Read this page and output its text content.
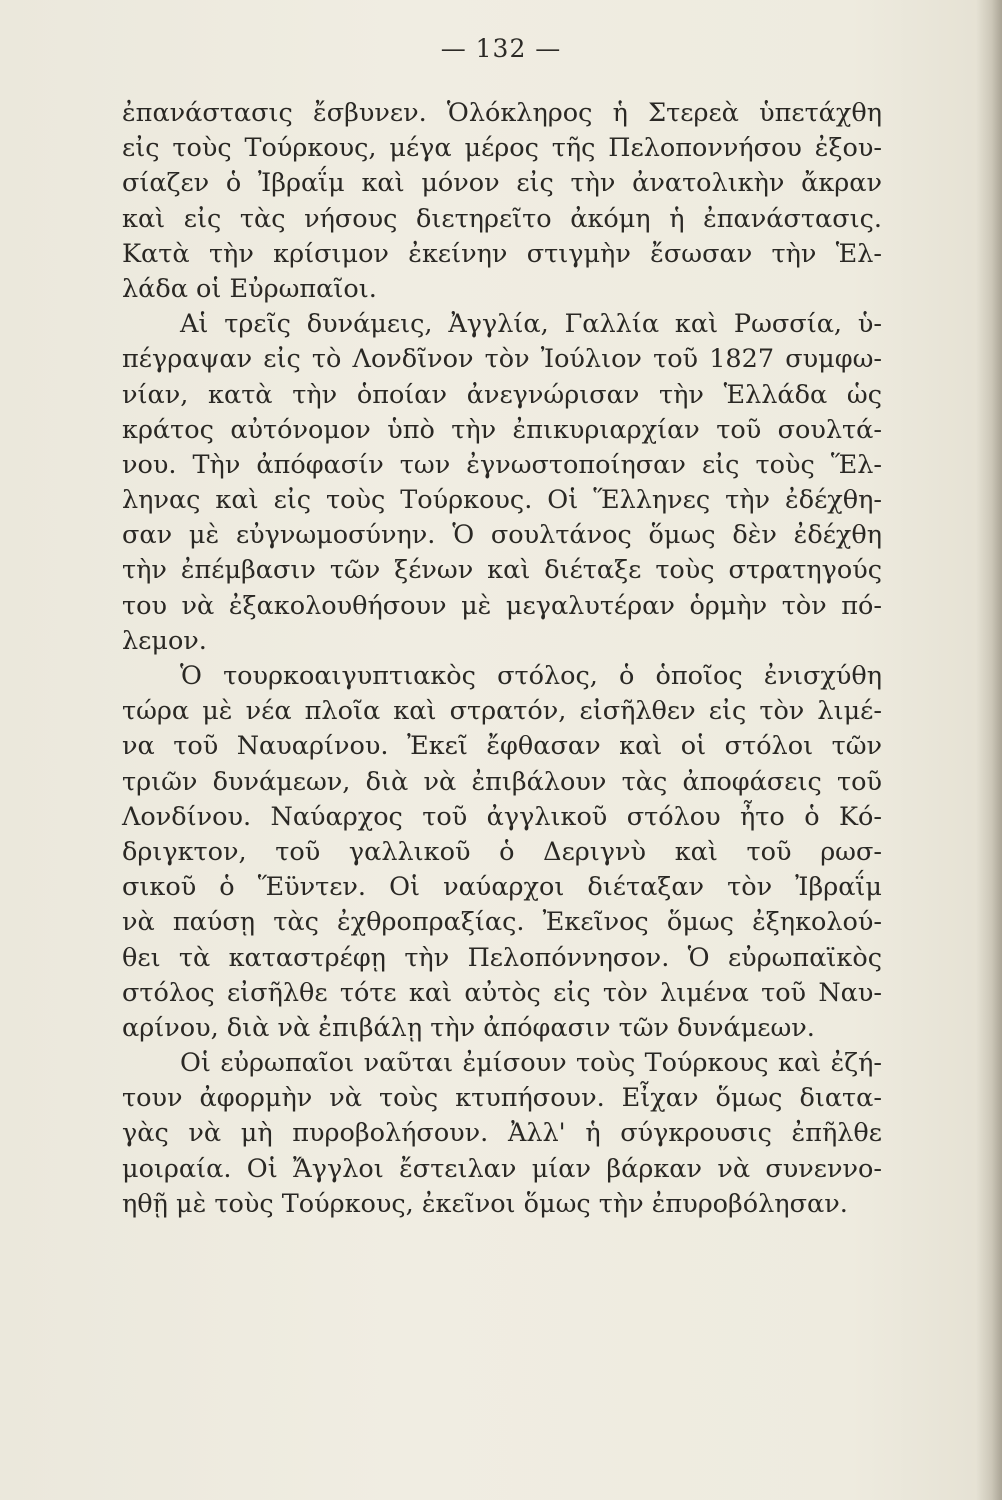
— 132 —
ἐπανάστασις ἔσβυνεν. Ὁλόκληρος ἡ Στερεὰ ὑπετάχθη
εἰς τοὺς Τούρκους, μέγα μέρος τῆς Πελοποννήσου ἐξου-
σίαζεν ὁ Ἰβραΐμ καὶ μόνον εἰς τὴν ἀνατολικὴν ἄκραν
καὶ εἰς τὰς νήσους διετηρεῖτο ἀκόμη ἡ ἐπανάστασις.
Κατὰ τὴν κρίσιμον ἐκείνην στιγμὴν ἔσωσαν τὴν Ἑλ-
λάδα οἱ Εὐρωπαῖοι.
Αἱ τρεῖς δυνάμεις, Ἀγγλία, Γαλλία καὶ Ρωσσία, ὑ-
πέγραψαν εἰς τὸ Λονδῖνον τὸν Ἰούλιον τοῦ 1827 συμφω-
νίαν, κατὰ τὴν ὁποίαν ἀνεγνώρισαν τὴν Ἑλλάδα ὡς
κράτος αὐτόνομον ὑπὸ τὴν ἐπικυριαρχίαν τοῦ σουλτά-
νου. Τὴν ἀπόφασίν των ἐγνωστοποίησαν εἰς τοὺς Ἕλ-
ληνας καὶ εἰς τοὺς Τούρκους. Οἱ Ἕλληνες τὴν ἐδέχθη-
σαν μὲ εὐγνωμοσύνην. Ὁ σουλτάνος ὅμως δὲν ἐδέχθη
τὴν ἐπέμβασιν τῶν ξένων καὶ διέταξε τοὺς στρατηγούς
του νὰ ἐξακολουθήσουν μὲ μεγαλυτέραν ὁρμὴν τὸν πό-
λεμον.
Ὁ τουρκοαιγυπτιακὸς στόλος, ὁ ὁποῖος ἐνισχύθη
τώρα μὲ νέα πλοῖα καὶ στρατόν, εἰσῆλθεν εἰς τὸν λιμέ-
να τοῦ Ναυαρίνου. Ἐκεῖ ἔφθασαν καὶ οἱ στόλοι τῶν
τριῶν δυνάμεων, διὰ νὰ ἐπιβάλουν τὰς ἀποφάσεις τοῦ
Λονδίνου. Ναύαρχος τοῦ ἀγγλικοῦ στόλου ἦτο ὁ Κό-
δριγκτον, τοῦ γαλλικοῦ ὁ Δεριγνὺ καὶ τοῦ ρωσ-
σικοῦ ὁ Ἕϋντεν. Οἱ ναύαρχοι διέταξαν τὸν Ἰβραΐμ
νὰ παύσῃ τὰς ἐχθροπραξίας. Ἐκεῖνος ὅμως ἐξηκολού-
θει τὰ καταστρέφῃ τὴν Πελοπόννησον. Ὁ εὐρωπαϊκὸς
στόλος εἰσῆλθε τότε καὶ αὐτὸς εἰς τὸν λιμένα τοῦ Ναυ-
αρίνου, διὰ νὰ ἐπιβάλῃ τὴν ἀπόφασιν τῶν δυνάμεων.
Οἱ εὐρωπαῖοι ναῦται ἐμίσουν τοὺς Τούρκους καὶ ἐζή-
τουν ἀφορμὴν νὰ τοὺς κτυπήσουν. Εἶχαν ὅμως διατα-
γὰς νὰ μὴ πυροβολήσουν. Ἀλλ' ἡ σύγκρουσις ἐπῆλθε
μοιραία. Οἱ Ἄγγλοι ἔστειλαν μίαν βάρκαν νὰ συνεννο-
ηθῇ μὲ τοὺς Τούρκους, ἐκεῖνοι ὅμως τὴν ἐπυροβόλησαν.
